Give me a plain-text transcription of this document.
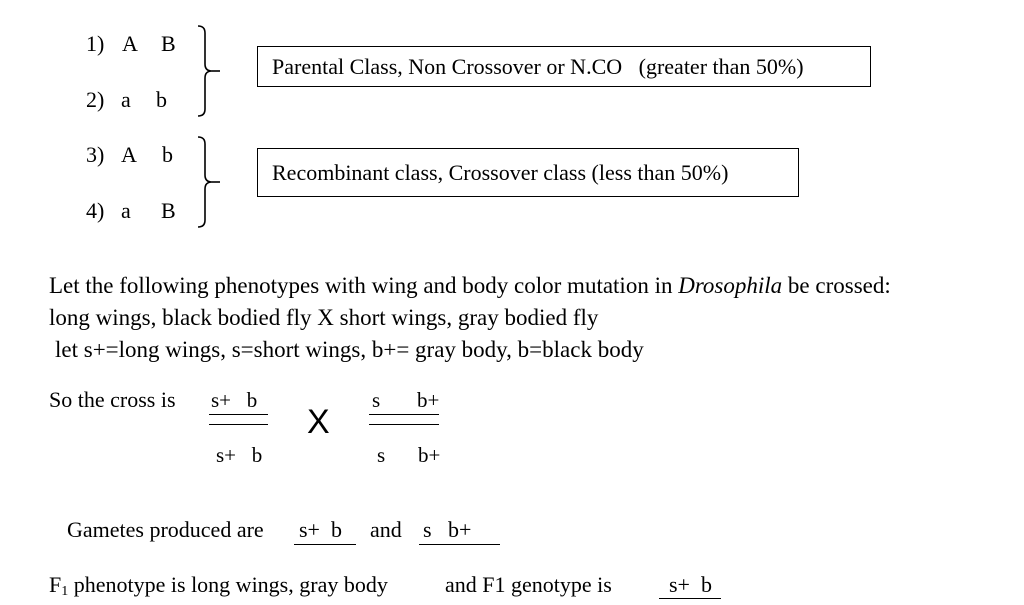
1) A B
2) a b
3) A b
4) a B
Parental Class, Non Crossover or N.CO   (greater than 50%)
Recombinant class, Crossover class (less than 50%)
Let the following phenotypes with wing and body color mutation in Drosophila be crossed:
long wings, black bodied fly X short wings, gray bodied fly
let s+=long wings, s=short wings, b+= gray body, b=black body
So the cross is s+   b
s+   b
X
s b+
s b+
Gametes produced are s+  b and s   b+
F1 phenotype is long wings, gray body	and F1 genotype is	s+  b
